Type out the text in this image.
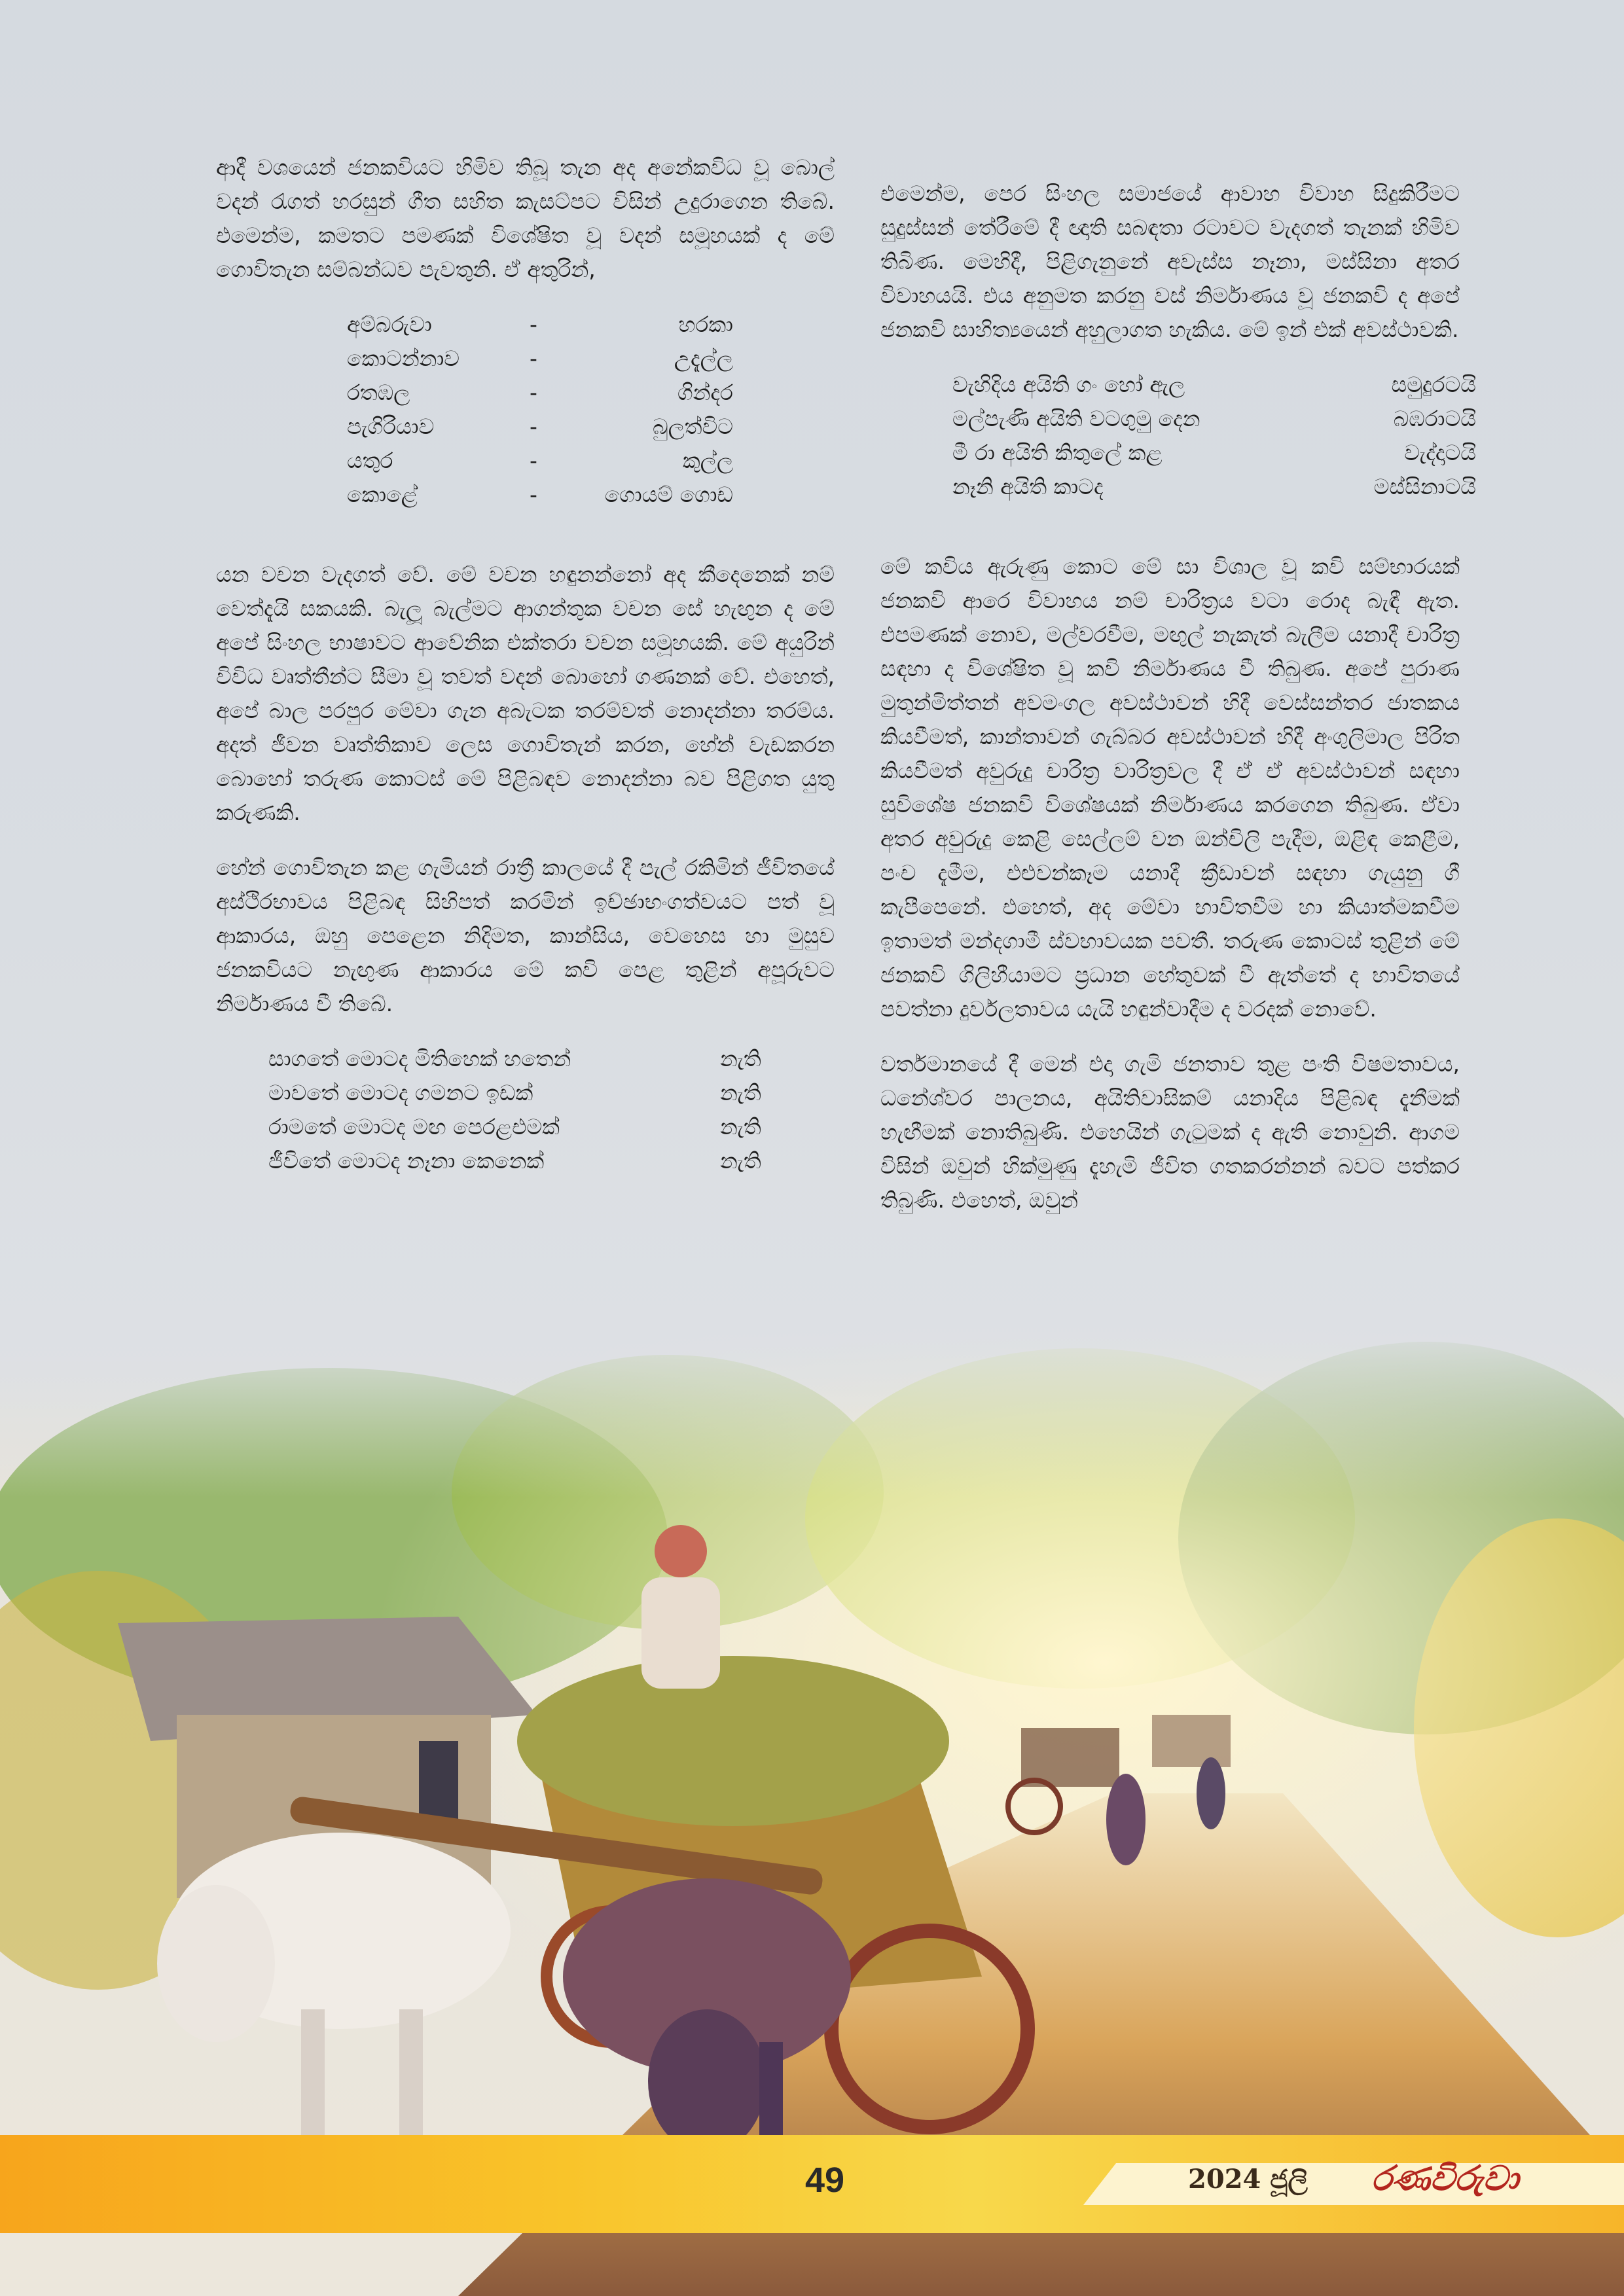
ආදී වශයෙන් ජනකවියට හිමිව තිබූ තැන අද අනේකවිධ වූ බොල් වදන් රැගත් හරසුන් ගීත සහිත කැසට්පට විසින් උදුරාගෙන තිබේ. එමෙන්ම, කමතට පමණක් විශේෂිත වූ වදන් සමූහයක් ද මේ ගොවිතැන සම්බන්ධව පැවතුනි. ඒ අතුරින්,

අම්බරුවා	-	හරකා
කොටන්නාව	-	උදැල්ල
රතඹල	-	ගින්දර
පැගිරියාව	-	බුලත්විට
යතුර	-	කුල්ල
කොළේ	-	ගොයම් ගොඩ

යන වචන වැදගත් වේ. මේ වචන හඳුනන්නෝ අද කීදෙනෙක් නම් වෙත්දැයි සකයකි. බැලූ බැල්මට ආගන්තුක වචන සේ හැඟුන ද මේ අපේ සිංහල භාෂාවට ආවේනික එක්තරා වචන සමූහයකි. මේ අයුරින් විවිධ වෘත්තීන්ට සීමා වූ තවත් වදන් බොහෝ ගණනක් වේ. එහෙත්, අපේ බාල පරපුර මේවා ගැන අබැටක තරම්වත් නොදන්නා තරම්ය. අදත් ජීවන වෘත්තිකාව ලෙස ගොවිතැන් කරන, හේන් වැඩකරන බොහෝ තරුණ කොටස් මේ පිළිබඳව නොදන්නා බව පිළිගත යුතු කරුණකි.

හේන් ගොවිතැන කළ ගැමියන් රාත්‍රී කාලයේ දී පැල් රකිමින් ජීවිතයේ අස්ථිරභාවය පිළිබඳ සිහිපත් කරමින් ඉච්ඡාභංගත්වයට පත් වූ ආකාරය, ඔහු පෙළෙන නිදිමත, කාන්සිය, වෙහෙස හා මුසුව ජනකවියට නැඟුණ ආකාරය මේ කවි පෙළ තුළින් අපූරුවට නිර්මාණය වී තිබේ.

සාගතේ මොටද මිතිහෙක් හතෙන්	නැති
මාවතේ මොටද ගමනට ඉඩක්	නැති
රාමතේ මොටද මඟ පෙරළඑමක්	නැති
ජීවිතේ මොටද නෑනා කෙනෙක්	නැති

එමෙන්ම, පෙර සිංහල සමාජයේ ආවාහ විවාහ සිදුකිරීමට සුදුස්සන් තේරීමේ දී ඥාති සබඳතා රටාවට වැදගත් තැනක් හිමිව තිබිණ. මෙහිදී, පිළිගැනුනේ අවැස්ස නෑනා, මස්සිනා අතර විවාහයයි. එය අනුමත කරනු වස් නිර්මාණය වූ ජනකවි ද අපේ ජනකවි සාහිත්‍යයෙන් අහුලාගත හැකිය. මේ ඉන් එක් අවස්ථාවකි.

වැහිදිය අයිති ගං හෝ ඇල	සමුදුරටයි
මල්පැණි අයිති වටගුමු දෙන	බඹරාටයි
මී රා අයිති කිතුලේ කළ	වැද්දාටයි
නෑනි අයිති කාටද	මස්සිනාටයි

මේ කවිය ඇරුණු කොට මේ සා විශාල වූ කවි සම්භාරයක් ජනකවි ආරෙ විවාහය නම් චාරිත්‍රය වටා රොද බැඳී ඇත. එපමණක් නොව, මල්වරවීම, මඟුල් නැකැත් බැලීම යනාදී චාරිත්‍ර සඳහා ද විශේෂිත වූ කවි නිර්මාණය වී තිබුණ. අපේ පුරාණ මුතුන්මිත්තන් අවමංගල අවස්ථාවන් හිදී වෙස්සන්තර ජාතකය කියවීමත්, කාන්තාවන් ගැබ්බර අවස්ථාවන් හිදී අංගුලිමාල පිරිත කියවීමත් අවුරුදු චාරිත්‍ර වාරිත්‍රවල දී ඒ ඒ අවස්ථාවන් සඳහා සුවිශේෂ ජනකවි විශේෂයක් නිර්මාණය කරගෙන තිබුණ. ඒවා අතර අවුරුදු කෙළි සෙල්ලම් වන ඔන්චිලි පැදීම, ඔළිඳ කෙළීම, පංච දැමීම, එළුවන්කෑම යනාදී ක්‍රීඩාවන් සඳහා ගැයුනු ගී කැපීපෙනේ. එහෙත්, අද මේවා භාවිතවීම හා කියාත්මකවීම ඉතාමත් මන්දගාමී ස්වභාවයක පවතී. තරුණ කොටස් තුළින් මේ ජනකවි ගිලිහීයාමට ප්‍රධාන හේතුවක් වී ඇත්තේ ද භාවිතයේ පවත්නා දුර්වලතාවය යැයි හඳුන්වාදීම ද වරදක් නොවේ.

වර්තමානයේ දී මෙන් එදා ගැමි ජනතාව තුළ පංති විෂමතාවය, ධනේශ්වර පාලනය, අයිතිවාසිකම් යනාදිය පිළිබඳ දැනීමක් හැඟීමක් නොතිබුණි. එහෙයින් ගැටුමක් ද ඇති නොවුනි. ආගම විසින් ඔවුන් හික්මුණු දැහැමි ජීවිත ගතකරන්නන් බවට පත්කර තිබුණි. එහෙත්, ඔවුන්

49	2024 ජූලි රණවිරුවා
